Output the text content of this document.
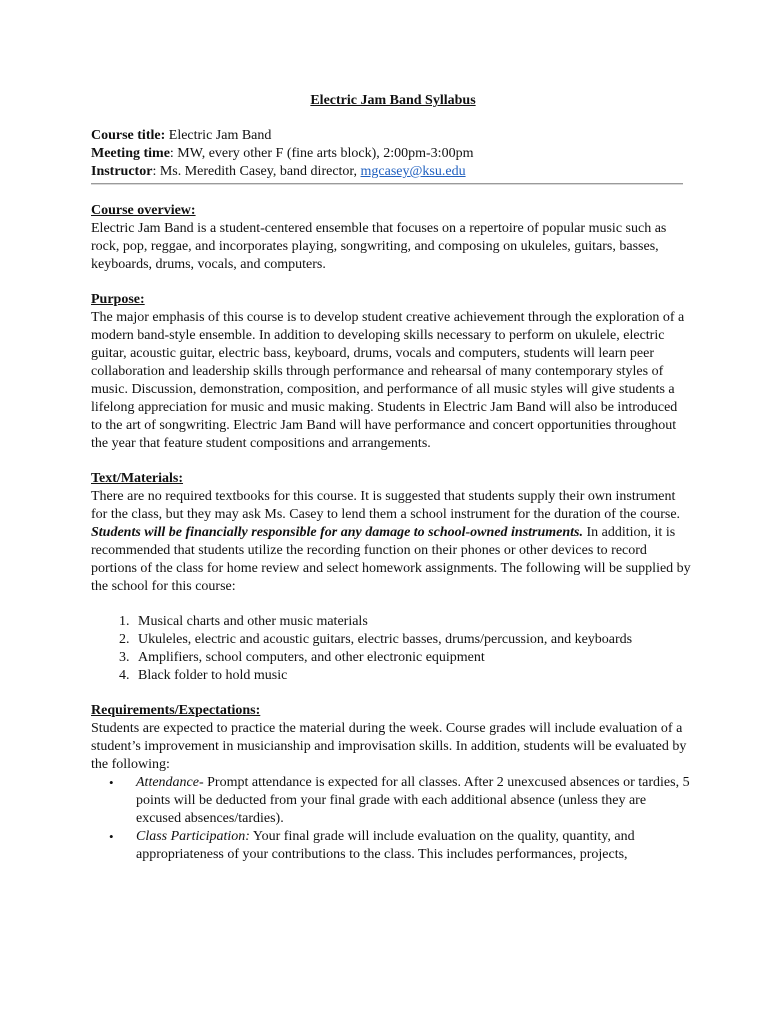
Electric Jam Band Syllabus

Course title: Electric Jam Band

Meeting time: MW, every other F (fine arts block), 2:00pm-3:00pm

Instructor: Ms. Meredith Casey, band director, mgcasey@ksu.edu

Course overview:

Electric Jam Band is a student-centered ensemble that focuses on a repertoire of popular music such as rock, pop, reggae, and incorporates playing, songwriting, and composing on ukuleles, guitars, basses, keyboards, drums, vocals, and computers.

Purpose:

The major emphasis of this course is to develop student creative achievement through the exploration of a modern band-style ensemble. In addition to developing skills necessary to perform on ukulele, electric guitar, acoustic guitar, electric bass, keyboard, drums, vocals and computers, students will learn peer collaboration and leadership skills through performance and rehearsal of many contemporary styles of music. Discussion, demonstration, composition, and performance of all music styles will give students a lifelong appreciation for music and music making. Students in Electric Jam Band will also be introduced to the art of songwriting. Electric Jam Band will have performance and concert opportunities throughout the year that feature student compositions and arrangements.

Text/Materials:

There are no required textbooks for this course. It is suggested that students supply their own instrument for the class, but they may ask Ms. Casey to lend them a school instrument for the duration of the course. Students will be financially responsible for any damage to school-owned instruments. In addition, it is recommended that students utilize the recording function on their phones or other devices to record portions of the class for home review and select homework assignments. The following will be supplied by the school for this course:

1. Musical charts and other music materials
2. Ukuleles, electric and acoustic guitars, electric basses, drums/percussion, and keyboards
3. Amplifiers, school computers, and other electronic equipment
4. Black folder to hold music

Requirements/Expectations:

Students are expected to practice the material during the week. Course grades will include evaluation of a student’s improvement in musicianship and improvisation skills. In addition, students will be evaluated by the following:

• Attendance- Prompt attendance is expected for all classes. After 2 unexcused absences or tardies, 5 points will be deducted from your final grade with each additional absence (unless they are excused absences/tardies).
• Class Participation: Your final grade will include evaluation on the quality, quantity, and appropriateness of your contributions to the class. This includes performances, projects,
